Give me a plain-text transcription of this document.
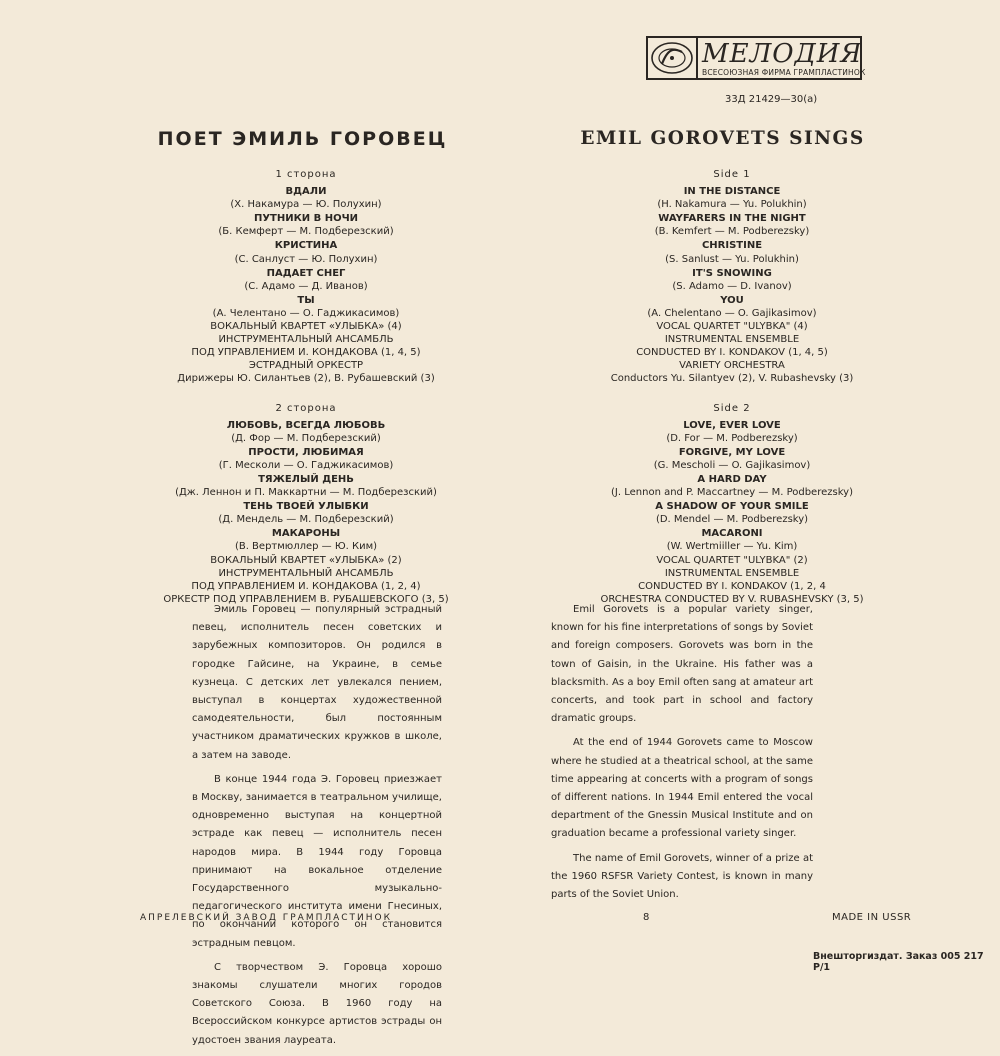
МЕЛОДИЯ
ВСЕСОЮЗНАЯ ФИРМА ГРАМПЛАСТИНОК
33Д 21429—30(а)
ПОЕТ ЭМИЛЬ ГОРОВЕЦ	EMIL GOROVETS SINGS
1 сторона
ВДАЛИ
(Х. Накамура — Ю. Полухин)
ПУТНИКИ В НОЧИ
(Б. Кемферт — М. Подберезский)
КРИСТИНА
(С. Санлуст — Ю. Полухин)
ПАДАЕТ СНЕГ
(С. Адамо — Д. Иванов)
ТЫ
(А. Челентано — О. Гаджикасимов)
ВОКАЛЬНЫЙ КВАРТЕТ «УЛЫБКА» (4)
ИНСТРУМЕНТАЛЬНЫЙ АНСАМБЛЬ
ПОД УПРАВЛЕНИЕМ И. КОНДАКОВА (1, 4, 5)
ЭСТРАДНЫЙ ОРКЕСТР
Дирижеры Ю. Силантьев (2), В. Рубашевский (3)
2 сторона
ЛЮБОВЬ, ВСЕГДА ЛЮБОВЬ
(Д. Фор — М. Подберезский)
ПРОСТИ, ЛЮБИМАЯ
(Г. Месколи — О. Гаджикасимов)
ТЯЖЕЛЫЙ ДЕНЬ
(Дж. Леннон и П. Маккартни — М. Подберезский)
ТЕНЬ ТВОЕЙ УЛЫБКИ
(Д. Мендель — М. Подберезский)
МАКАРОНЫ
(В. Вертмюллер — Ю. Ким)
ВОКАЛЬНЫЙ КВАРТЕТ «УЛЫБКА» (2)
ИНСТРУМЕНТАЛЬНЫЙ АНСАМБЛЬ
ПОД УПРАВЛЕНИЕМ И. КОНДАКОВА (1, 2, 4)
ОРКЕСТР ПОД УПРАВЛЕНИЕМ В. РУБАШЕВСКОГО (3, 5)
Side 1
IN THE DISTANCE
(H. Nakamura — Yu. Polukhin)
WAYFARERS IN THE NIGHT
(B. Kemfert — M. Podberezsky)
CHRISTINE
(S. Sanlust — Yu. Polukhin)
IT'S SNOWING
(S. Adamo — D. Ivanov)
YOU
(A. Chelentano — O. Gajikasimov)
VOCAL QUARTET "ULYBKA" (4)
INSTRUMENTAL ENSEMBLE
CONDUCTED BY I. KONDAKOV (1, 4, 5)
VARIETY ORCHESTRA
Conductors Yu. Silantyev (2), V. Rubashevsky (3)
Side 2
LOVE, EVER LOVE
(D. For — M. Podberezsky)
FORGIVE, MY LOVE
(G. Mescholi — O. Gajikasimov)
A HARD DAY
(J. Lennon and P. Maccartney — M. Podberezsky)
A SHADOW OF YOUR SMILE
(D. Mendel — M. Podberezsky)
MACARONI
(W. Wertmiiller — Yu. Kim)
VOCAL QUARTET "ULYBKA" (2)
INSTRUMENTAL ENSEMBLE
CONDUCTED BY I. KONDAKOV (1, 2, 4
ORCHESTRA CONDUCTED BY V. RUBASHEVSKY (3, 5)

Эмиль Горовец — популярный эстрадный певец, исполнитель песен советских и зарубежных композиторов. Он родился в городке Гайсине, на Украине, в семье кузнеца. С детских лет увлекался пением, выступал в концертах художественной самодеятельности, был постоянным участником драматических кружков в школе, а затем на заводе.

В конце 1944 года Э. Горовец приезжает в Москву, занимается в театральном училище, одновременно выступая на концертной эстраде как певец — исполнитель песен народов мира. В 1944 году Горовца принимают на вокальное отделение Государственного музыкально-педагогического института имени Гнесиных, по окончании которого он становится эстрадным певцом.

С творчеством Э. Горовца хорошо знакомы слушатели многих городов Советского Союза. В 1960 году на Всероссийском конкурсе артистов эстрады он удостоен звания лауреата.

Emil Gorovets is a popular variety singer, known for his fine interpretations of songs by Soviet and foreign composers. Gorovets was born in the town of Gaisin, in the Ukraine. His father was a blacksmith. As a boy Emil often sang at amateur art concerts, and took part in school and factory dramatic groups.

At the end of 1944 Gorovets came to Moscow where he studied at a theatrical school, at the same time appearing at concerts with a program of songs of different nations. In 1944 Emil entered the vocal department of the Gnessin Musical Institute and on graduation became a professional variety singer.

The name of Emil Gorovets, winner of a prize at the 1960 RSFSR Variety Contest, is known in many parts of the Soviet Union.

АПРЕЛЕВСКИЙ ЗАВОД ГРАМПЛАСТИНОК	8	MADE IN USSR
Внешторгиздат. Заказ 005 217 Р/1
